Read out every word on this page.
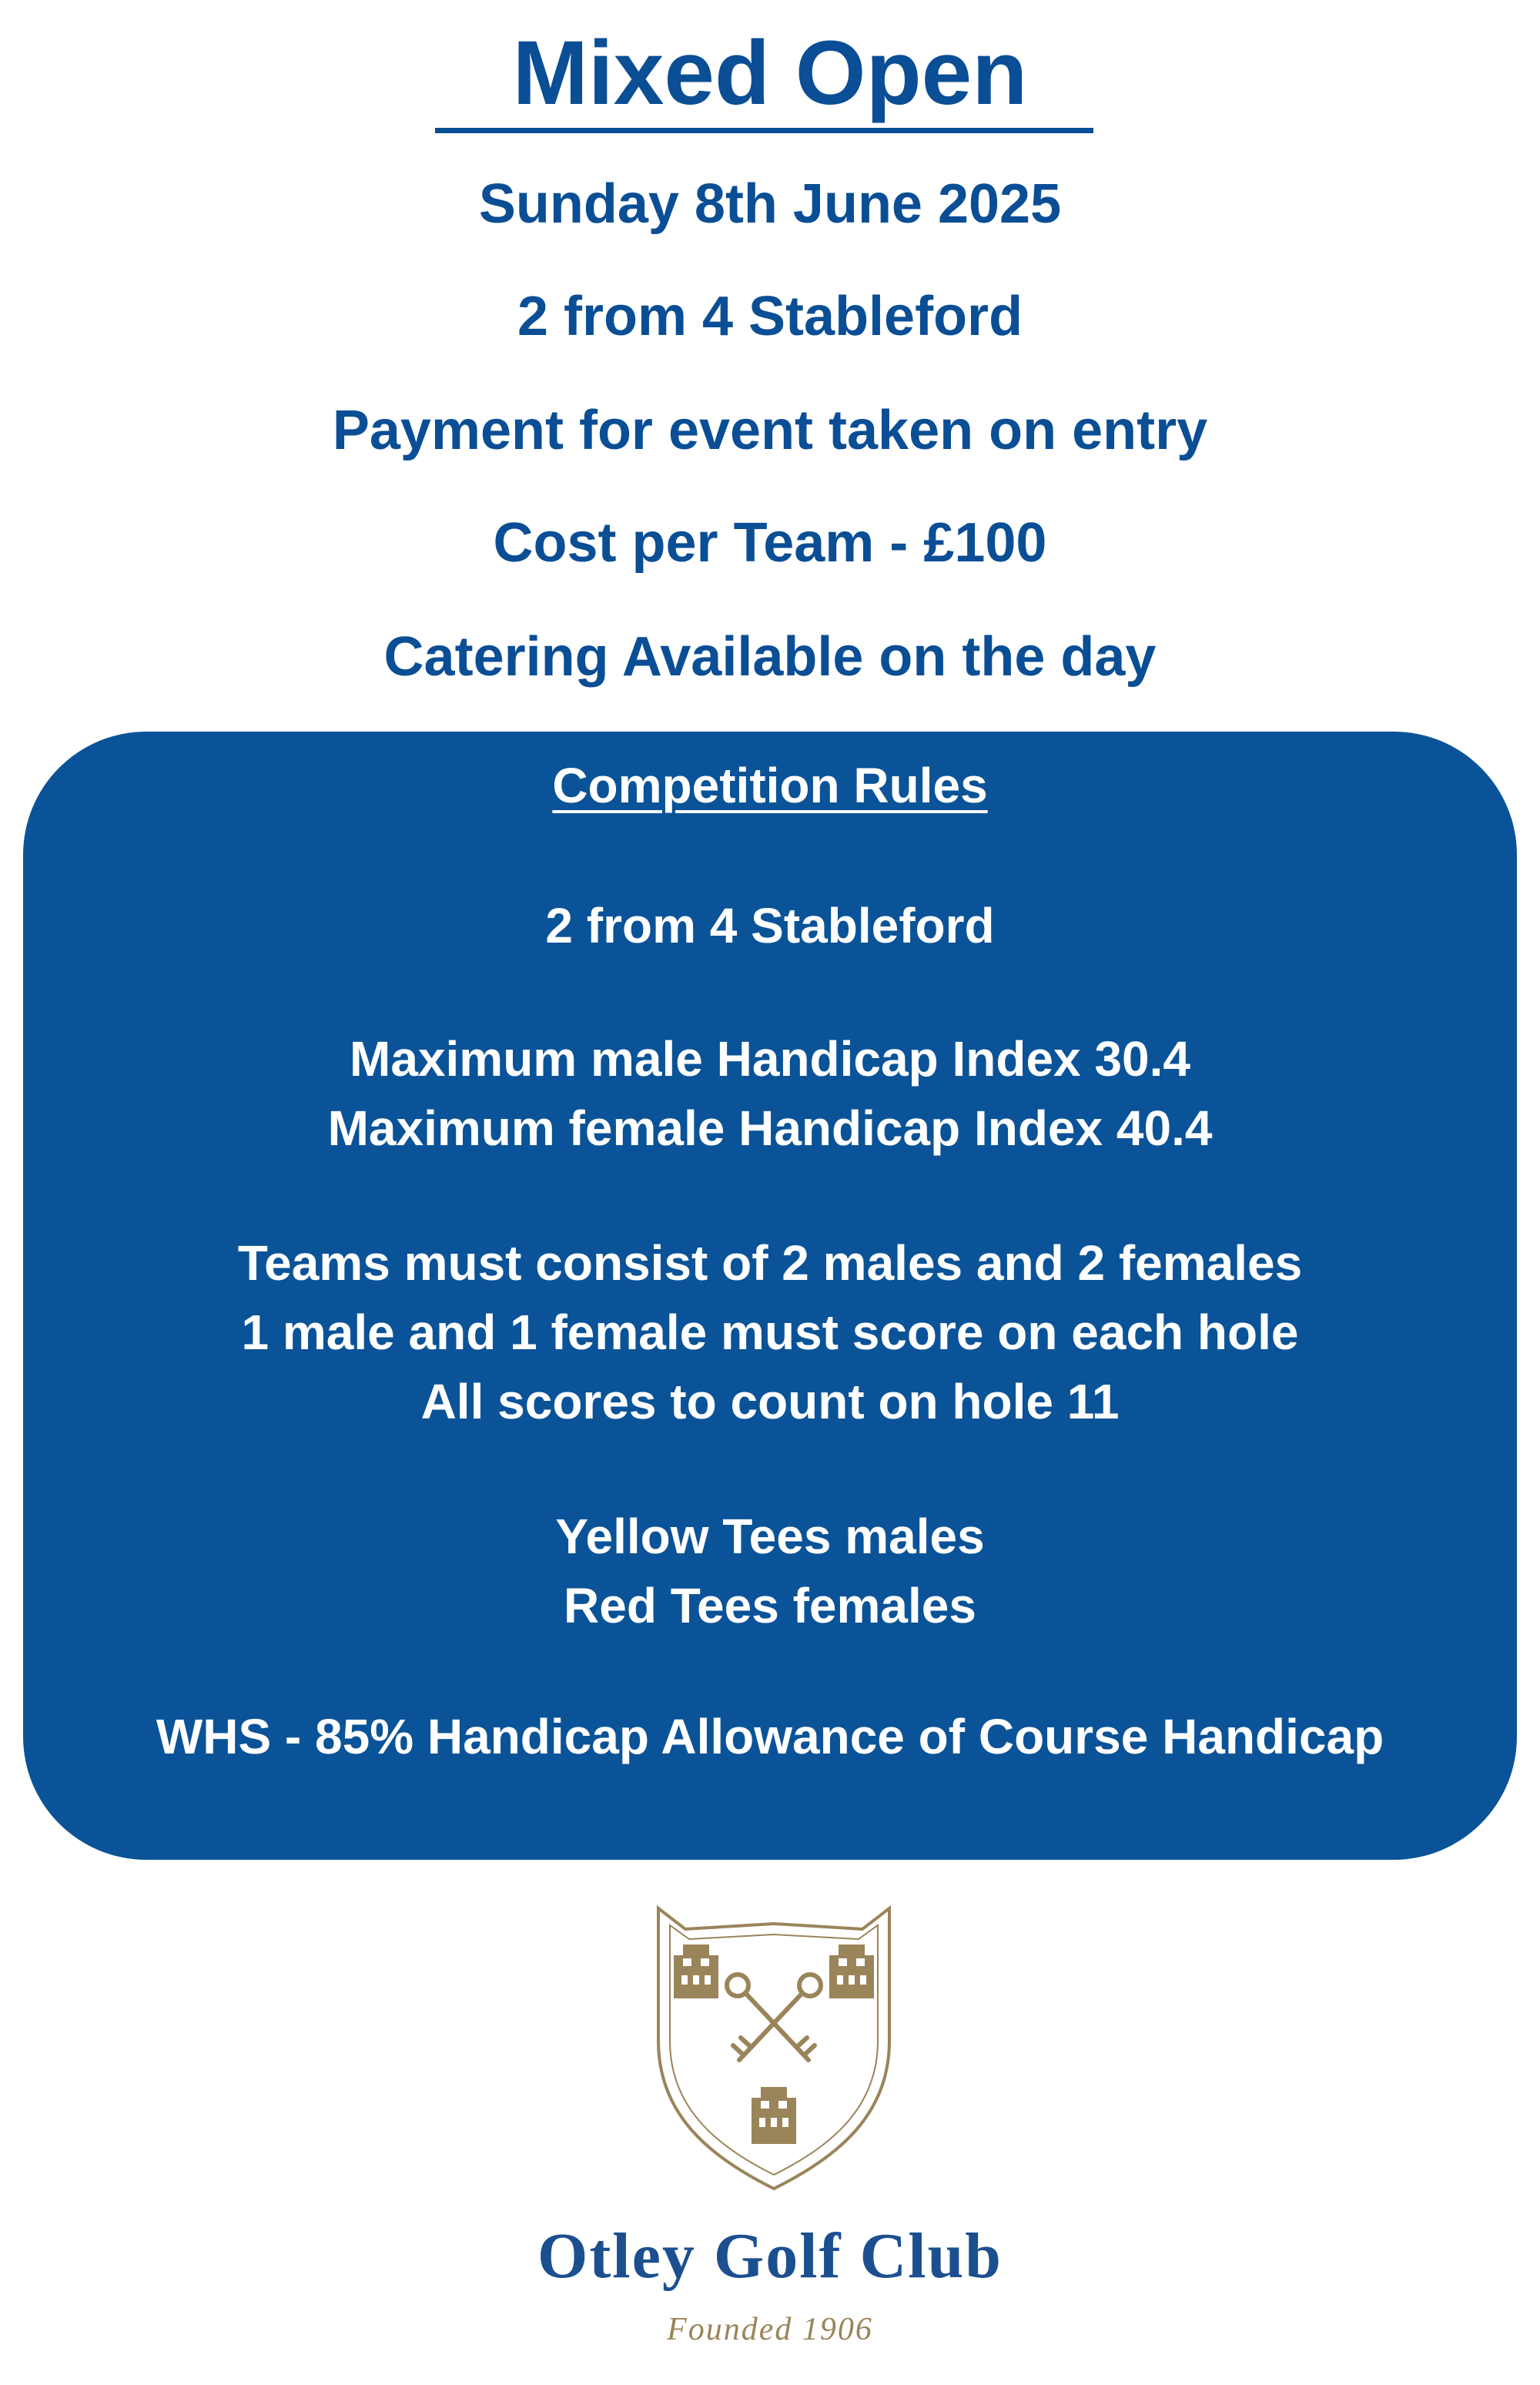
Mixed Open
Sunday 8th June 2025
2 from 4 Stableford
Payment for event taken on entry
Cost per Team - £100
Catering Available on the day
Competition Rules
2 from 4 Stableford
Maximum male Handicap Index 30.4
Maximum female Handicap Index 40.4
Teams must consist of 2 males and 2 females
1 male and 1 female must score on each hole
All scores to count on hole 11
Yellow Tees males
Red Tees females
WHS - 85% Handicap Allowance of Course Handicap
Otley Golf Club
Founded 1906
